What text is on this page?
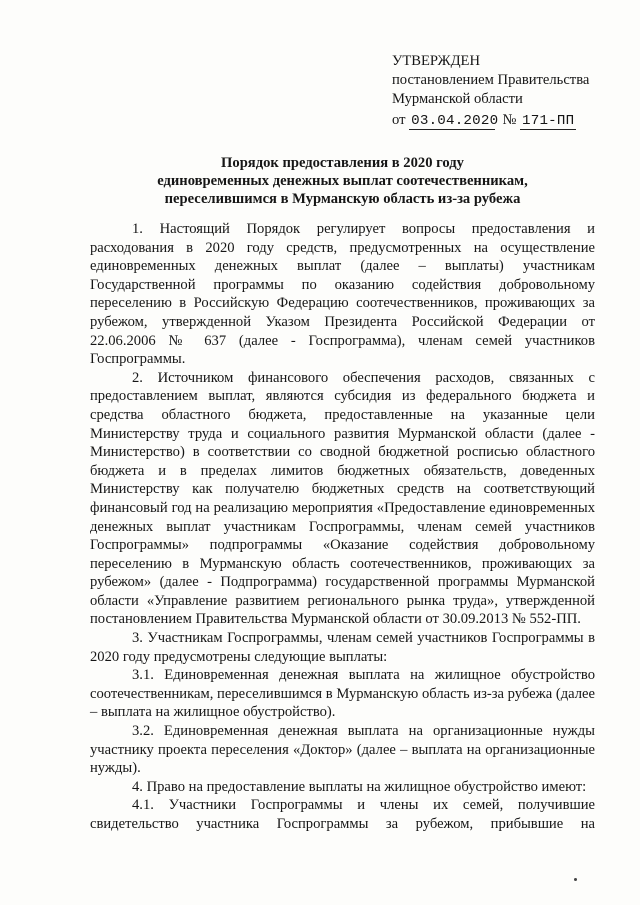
УТВЕРЖДЕН
постановлением Правительства
Мурманской области
от 03.04.2020 № 171-ПП
Порядок предоставления в 2020 году
единовременных денежных выплат соотечественникам,
переселившимся в Мурманскую область из-за рубежа

1. Настоящий Порядок регулирует вопросы предоставления и расходования в 2020 году средств, предусмотренных на осуществление единовременных денежных выплат (далее – выплаты) участникам Государственной программы по оказанию содействия добровольному переселению в Российскую Федерацию соотечественников, проживающих за рубежом, утвержденной Указом Президента Российской Федерации от 22.06.2006 № 637 (далее - Госпрограмма), членам семей участников Госпрограммы.

2. Источником финансового обеспечения расходов, связанных с предоставлением выплат, являются субсидия из федерального бюджета и средства областного бюджета, предоставленные на указанные цели Министерству труда и социального развития Мурманской области (далее - Министерство) в соответствии со сводной бюджетной росписью областного бюджета и в пределах лимитов бюджетных обязательств, доведенных Министерству как получателю бюджетных средств на соответствующий финансовый год на реализацию мероприятия «Предоставление единовременных денежных выплат участникам Госпрограммы, членам семей участников Госпрограммы» подпрограммы «Оказание содействия добровольному переселению в Мурманскую область соотечественников, проживающих за рубежом» (далее - Подпрограмма) государственной программы Мурманской области «Управление развитием регионального рынка труда», утвержденной постановлением Правительства Мурманской области от 30.09.2013 № 552-ПП.

3. Участникам Госпрограммы, членам семей участников Госпрограммы в 2020 году предусмотрены следующие выплаты:

3.1. Единовременная денежная выплата на жилищное обустройство соотечественникам, переселившимся в Мурманскую область из-за рубежа (далее – выплата на жилищное обустройство).

3.2. Единовременная денежная выплата на организационные нужды участнику проекта переселения «Доктор» (далее – выплата на организационные нужды).

4. Право на предоставление выплаты на жилищное обустройство имеют:

4.1. Участники Госпрограммы и члены их семей, получившие свидетельство участника Госпрограммы за рубежом, прибывшие на
